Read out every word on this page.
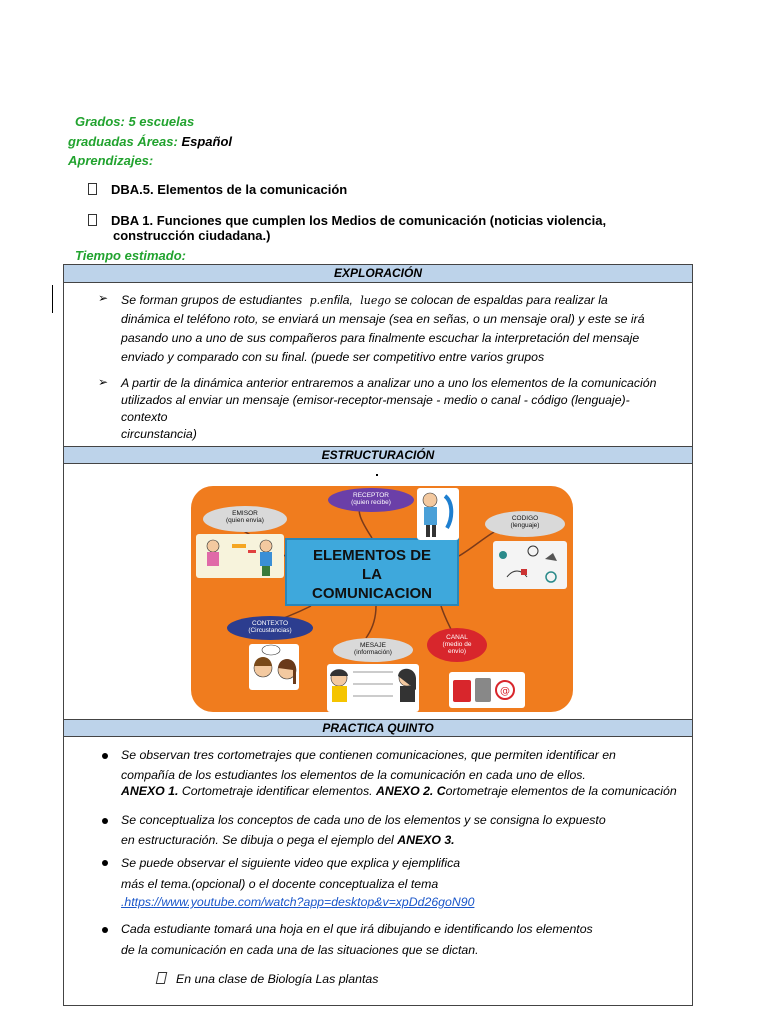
Grados: 5 escuelas
graduadas Áreas: Español
Aprendizajes:
DBA.5. Elementos de la comunicación
DBA 1. Funciones que cumplen los Medios de comunicación (noticias violencia,
construcción ciudadana.)
Tiempo estimado:
EXPLORACIÓN
➢ Se forman grupos de estudiantes p.enfila, luego se colocan de espaldas para realizar la
dinámica el teléfono roto, se enviará un mensaje (sea en señas, o un mensaje oral) y este se irá
pasando uno a uno de sus compañeros para finalmente escuchar la interpretación del mensaje
enviado y comparado con su final. (puede ser competitivo entre varios grupos
➢ A partir de la dinámica anterior entraremos a analizar uno a uno los elementos de la comunicación
utilizados al enviar un mensaje (emisor-receptor-mensaje - medio o canal - código (lenguaje)-
contexto
circunstancia)
ESTRUCTURACIÓN
PRACTICA QUINTO
Se observan tres cortometrajes que contienen comunicaciones, que permiten identificar en
compañía de los estudiantes los elementos de la comunicación en cada uno de ellos.
ANEXO 1. Cortometraje identificar elementos. ANEXO 2. Cortometraje elementos de la comunicación
Se conceptualiza los conceptos de cada uno de los elementos y se consigna lo expuesto
en estructuración. Se dibuja o pega el ejemplo del ANEXO 3.
Se puede observar el siguiente video que explica y ejemplifica
más el tema.(opcional) o el docente conceptualiza el tema
.https://www.youtube.com/watch?app=desktop&v=xpDd26goN90
Cada estudiante tomará una hoja en el que irá dibujando e identificando los elementos
de la comunicación en cada una de las situaciones que se dictan.
En una clase de Biología Las plantas
ELEMENTOS DE
LA
COMUNICACION
RECEPTOR
(quien recibe)
EMISOR
(quien envía)	CODIGO
(lenguaje)
CONTEXTO
(Circustancias)
MESAJE
(información)
CANAL
(medio de
envío)
@
